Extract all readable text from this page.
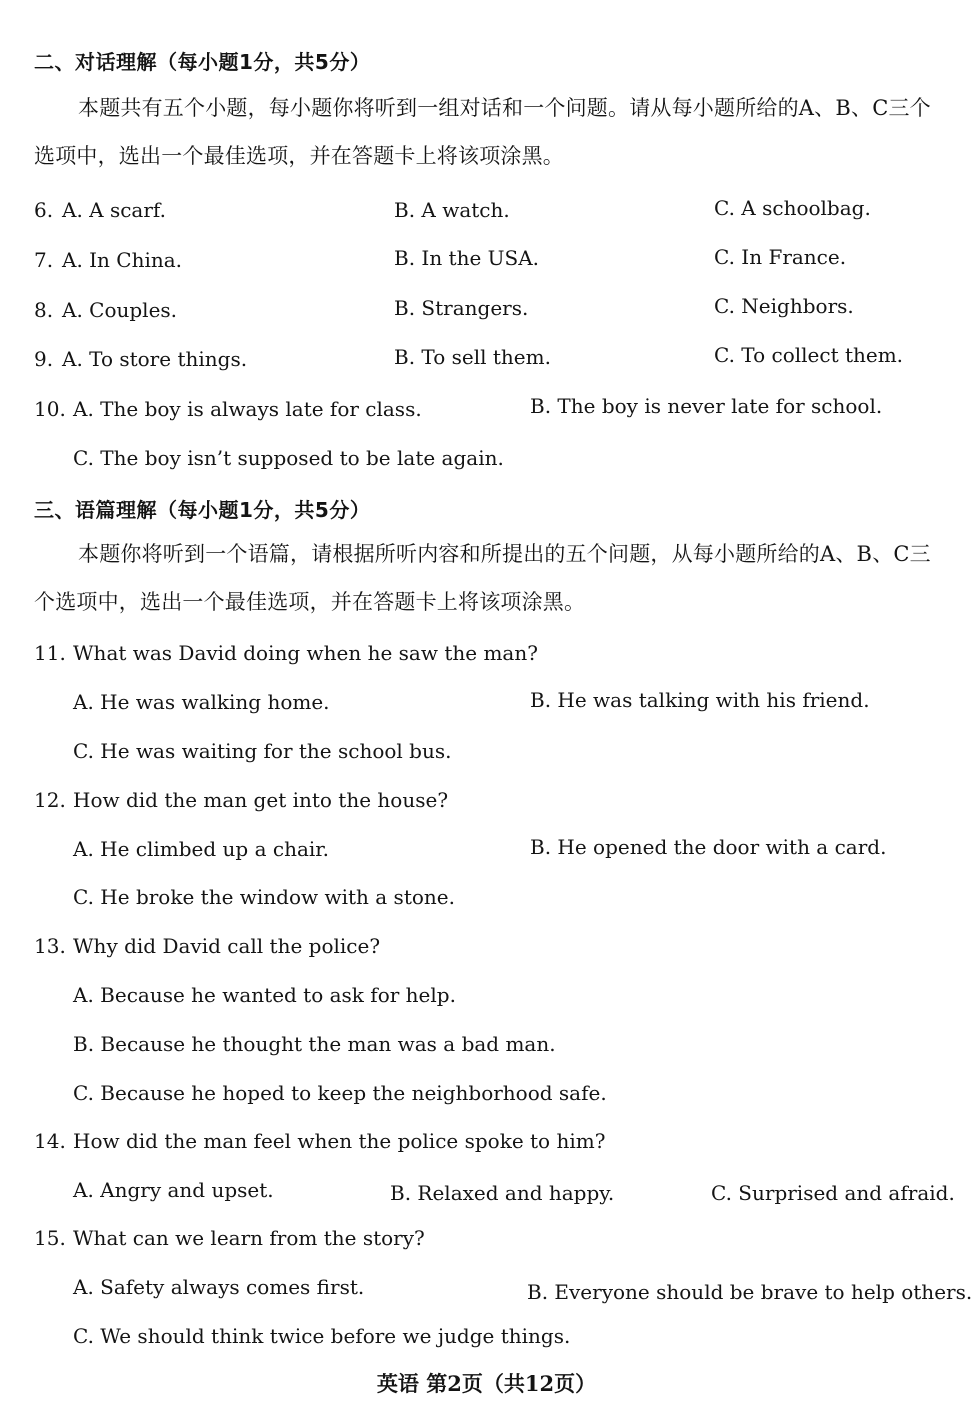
二、对话理解（每小题1分，共5分）

本题共有五个小题，每小题你将听到一组对话和一个问题。请从每小题所给的A、B、C三个选项中，选出一个最佳选项，并在答题卡上将该项涂黑。

6. A. A scarf.	B. A watch.	C. A schoolbag.
7. A. In China.	B. In the USA.	C. In France.
8. A. Couples.	B. Strangers.	C. Neighbors.
9. A. To store things.	B. To sell them.	C. To collect them.
10. A. The boy is always late for class.	B. The boy is never late for school.
C. The boy isn’t supposed to be late again.
三、语篇理解（每小题1分，共5分）

本题你将听到一个语篇，请根据所听内容和所提出的五个问题，从每小题所给的A、B、C三个选项中，选出一个最佳选项，并在答题卡上将该项涂黑。

11. What was David doing when he saw the man?
A. He was walking home.	B. He was talking with his friend.
C. He was waiting for the school bus.
12. How did the man get into the house?
A. He climbed up a chair.	B. He opened the door with a card.
C. He broke the window with a stone.
13. Why did David call the police?
A. Because he wanted to ask for help.
B. Because he thought the man was a bad man.
C. Because he hoped to keep the neighborhood safe.
14. How did the man feel when the police spoke to him?
A. Angry and upset.	B. Relaxed and happy.	C. Surprised and afraid.
15. What can we learn from the story?
A. Safety always comes first.	B. Everyone should be brave to help others.
C. We should think twice before we judge things.
英语 第2页（共12页）
